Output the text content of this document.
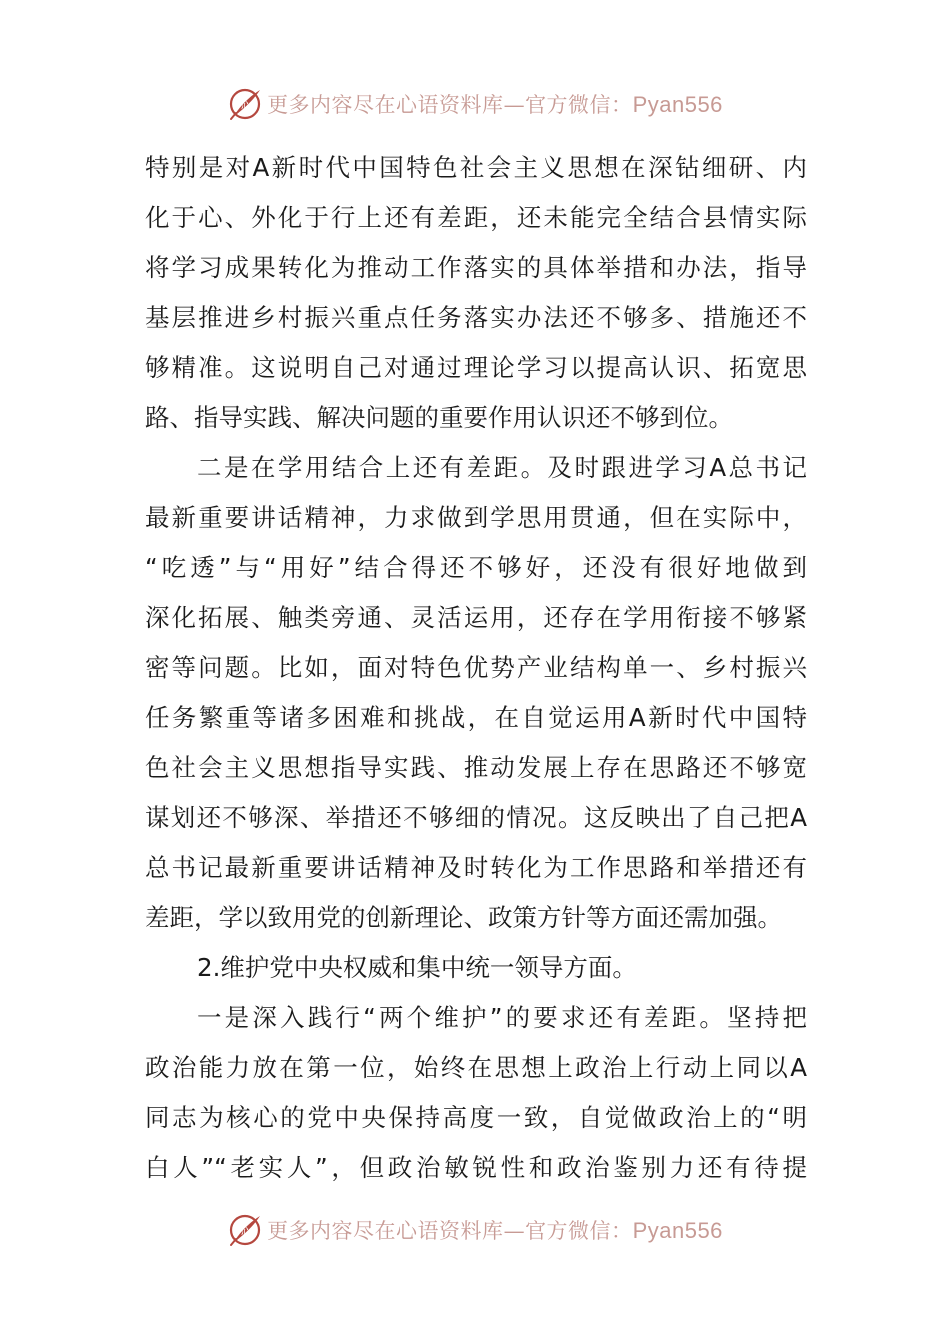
心 更多内容尽在心语资料库—官方微信：Pyan556
特别是对A新时代中国特色社会主义思想在深钻细研、内
化于心、外化于行上还有差距，还未能完全结合县情实际
将学习成果转化为推动工作落实的具体举措和办法，指导
基层推进乡村振兴重点任务落实办法还不够多、措施还不
够精准。这说明自己对通过理论学习以提高认识、拓宽思
路、指导实践、解决问题的重要作用认识还不够到位。
二是在学用结合上还有差距。及时跟进学习A总书记
最新重要讲话精神，力求做到学思用贯通，但在实际中，
“吃透”与“用好”结合得还不够好，还没有很好地做到
深化拓展、触类旁通、灵活运用，还存在学用衔接不够紧
密等问题。比如，面对特色优势产业结构单一、乡村振兴
任务繁重等诸多困难和挑战，在自觉运用A新时代中国特
色社会主义思想指导实践、推动发展上存在思路还不够宽
谋划还不够深、举措还不够细的情况。这反映出了自己把A
总书记最新重要讲话精神及时转化为工作思路和举措还有
差距，学以致用党的创新理论、政策方针等方面还需加强。
2.维护党中央权威和集中统一领导方面。
一是深入践行“两个维护”的要求还有差距。坚持把
政治能力放在第一位，始终在思想上政治上行动上同以A
同志为核心的党中央保持高度一致，自觉做政治上的“明
白人”“老实人”，但政治敏锐性和政治鉴别力还有待提
心 更多内容尽在心语资料库—官方微信：Pyan556
